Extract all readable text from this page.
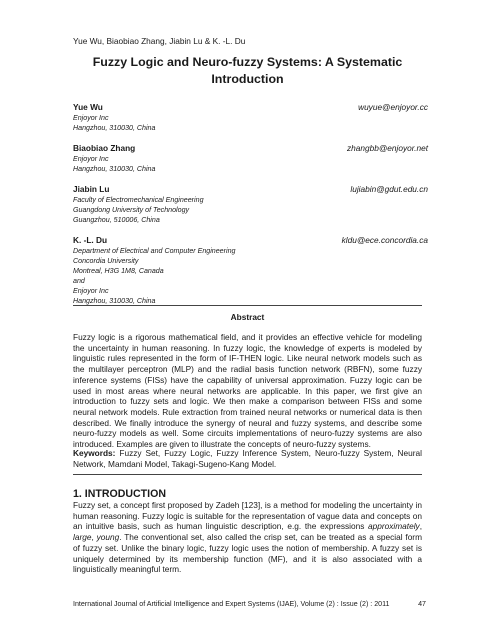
Yue Wu, Biaobiao Zhang, Jiabin Lu & K. -L. Du
Fuzzy Logic and Neuro-fuzzy Systems: A Systematic
Introduction
Yue Wu	wuyue@enjoyor.cc
Enjoyor Inc
Hangzhou, 310030, China
Biaobiao Zhang	zhangbb@enjoyor.net
Enjoyor Inc
Hangzhou, 310030, China
Jiabin Lu	lujiabin@gdut.edu.cn
Faculty of Electromechanical Engineering
Guangdong University of Technology
Guangzhou, 510006, China
K. -L. Du	kldu@ece.concordia.ca
Department of Electrical and Computer Engineering
Concordia University
Montreal, H3G 1M8, Canada
and
Enjoyor Inc
Hangzhou, 310030, China
Abstract

Fuzzy logic is a rigorous mathematical field, and it provides an effective vehicle for modeling the uncertainty in human reasoning. In fuzzy logic, the knowledge of experts is modeled by linguistic rules represented in the form of IF-THEN logic. Like neural network models such as the multilayer perceptron (MLP) and the radial basis function network (RBFN), some fuzzy inference systems (FISs) have the capability of universal approximation. Fuzzy logic can be used in most areas where neural networks are applicable. In this paper, we first give an introduction to fuzzy sets and logic. We then make a comparison between FISs and some neural network models. Rule extraction from trained neural networks or numerical data is then described. We finally introduce the synergy of neural and fuzzy systems, and describe some neuro-fuzzy models as well. Some circuits implementations of neuro-fuzzy systems are also introduced. Examples are given to illustrate the concepts of neuro-fuzzy systems.

Keywords: Fuzzy Set, Fuzzy Logic, Fuzzy Inference System, Neuro-fuzzy System, Neural Network, Mamdani Model, Takagi-Sugeno-Kang Model.

1. INTRODUCTION

Fuzzy set, a concept first proposed by Zadeh [123], is a method for modeling the uncertainty in human reasoning. Fuzzy logic is suitable for the representation of vague data and concepts on an intuitive basis, such as human linguistic description, e.g. the expressions approximately, large, young. The conventional set, also called the crisp set, can be treated as a special form of fuzzy set. Unlike the binary logic, fuzzy logic uses the notion of membership. A fuzzy set is uniquely determined by its membership function (MF), and it is also associated with a linguistically meaningful term.

International Journal of Artificial Intelligence and Expert Systems (IJAE), Volume (2) : Issue (2) : 2011	47
